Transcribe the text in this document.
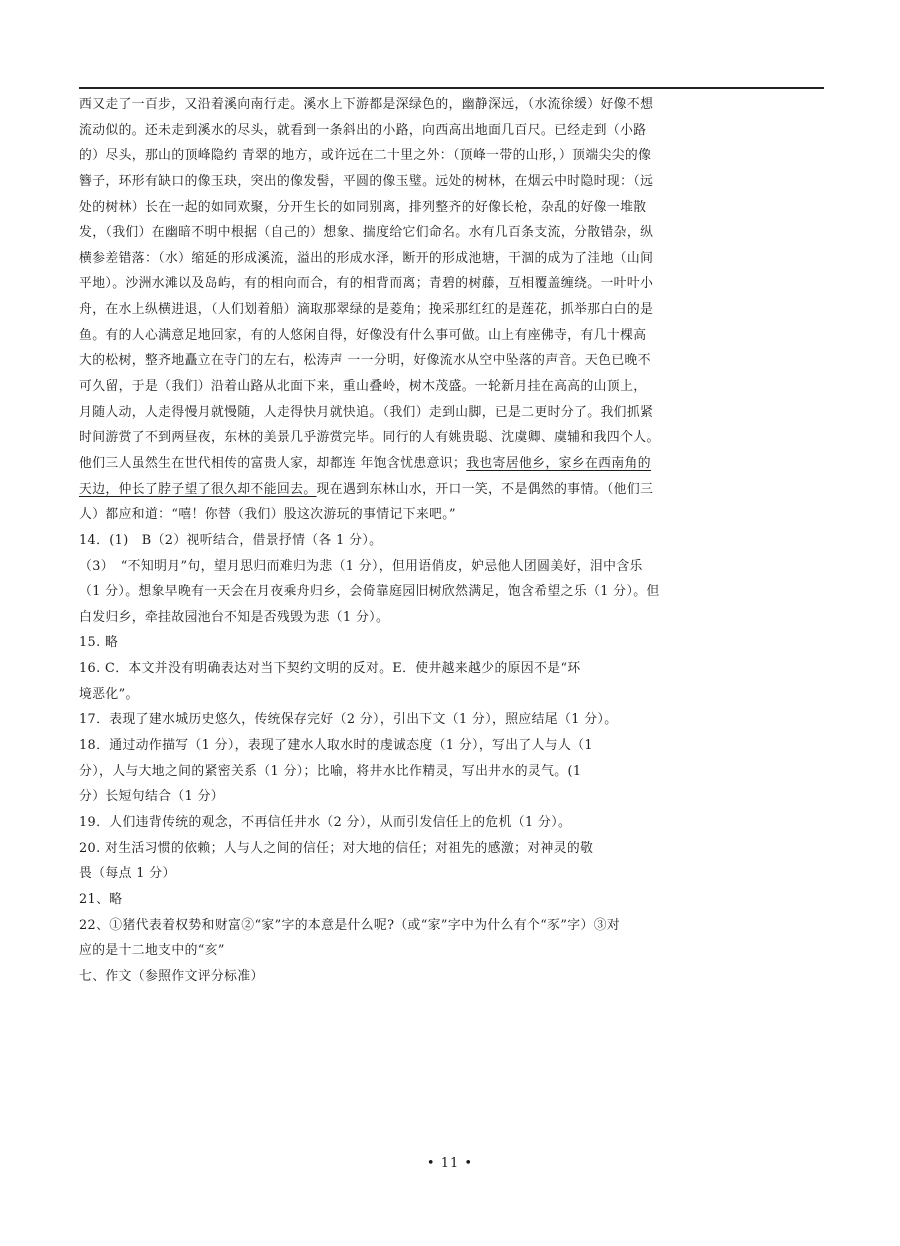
西又走了一百步，又沿着溪向南行走。溪水上下游都是深绿色的，幽静深远，（水流徐缓）好像不想
流动似的。还未走到溪水的尽头，就看到一条斜出的小路，向西高出地面几百尺。已经走到（小路
的）尽头，那山的顶峰隐约 青翠的地方，或许远在二十里之外：（顶峰一带的山形，）顶端尖尖的像
簪子，环形有缺口的像玉玦，突出的像发髻，平圆的像玉璧。远处的树林，在烟云中时隐时现：（远
处的树林）长在一起的如同欢聚，分开生长的如同别离，排列整齐的好像长枪，杂乱的好像一堆散
发，（我们）在幽暗不明中根据（自己的）想象、揣度给它们命名。水有几百条支流，分散错杂，纵
横参差错落：（水）缩延的形成溪流，溢出的形成水泽，断开的形成池塘，干涸的成为了洼地（山间
平地）。沙洲水滩以及岛屿，有的相向而合，有的相背而离；青碧的树藤，互相覆盖缠绕。一叶叶小
舟，在水上纵横进退，（人们划着船）滴取那翠绿的是菱角；挽采那红红的是莲花，抓举那白白的是
鱼。有的人心满意足地回家，有的人悠闲自得，好像没有什么事可做。山上有座佛寺，有几十棵高
大的松树，整齐地矗立在寺门的左右，松涛声 一一分明，好像流水从空中坠落的声音。天色已晚不
可久留，于是（我们）沿着山路从北面下来，重山叠岭，树木茂盛。一轮新月挂在高高的山顶上，
月随人动，人走得慢月就慢随，人走得快月就快追。（我们）走到山脚，已是二更时分了。我们抓紧
时间游赏了不到两昼夜，东林的美景几乎游赏完毕。同行的人有姚贵聪、沈虞卿、虞辅和我四个人。
他们三人虽然生在世代相传的富贵人家，却都连 年饱含忧患意识；我也寄居他乡，家乡在西南角的
天边，仲长了脖子望了很久却不能回去。现在遇到东林山水，开口一笑，不是偶然的事情。（他们三
人）都应和道：“嘻！你替（我们）股这次游玩的事情记下来吧。”
14．(1)　B（2）视听结合，借景抒情（各 1 分）。
（3）　“不知明月”句，望月思归而难归为悲（1 分），但用语俏皮，妒忌他人团圆美好，泪中含乐
（1 分）。想象早晚有一天会在月夜乘舟归乡，会倚靠庭园旧树欣然满足，饱含希望之乐（1 分）。但
白发归乡，牵挂故园池台不知是否残毁为悲（1 分）。
15. 略
16. C．本文并没有明确表达对当下契约文明的反对。E．使井越来越少的原因不是“环
境恶化”。
17．表现了建水城历史悠久，传统保存完好（2 分），引出下文（1 分），照应结尾（1 分）。
18．通过动作描写（1 分），表现了建水人取水时的虔诚态度（1 分），写出了人与人（1
分），人与大地之间的紧密关系（1 分）；比喻，将井水比作精灵，写出井水的灵气。(1
分）长短句结合（1 分）
19．人们违背传统的观念，不再信任井水（2 分），从而引发信任上的危机（1 分）。
20. 对生活习惯的依赖；人与人之间的信任；对大地的信任；对祖先的感激；对神灵的敬
畏（每点 1 分）
21、略
22、①猪代表着权势和财富②“家”字的本意是什么呢?（或“家”字中为什么有个“豕”字）③对
应的是十二地支中的“亥”
七、作文（参照作文评分标准）
• 11 •
